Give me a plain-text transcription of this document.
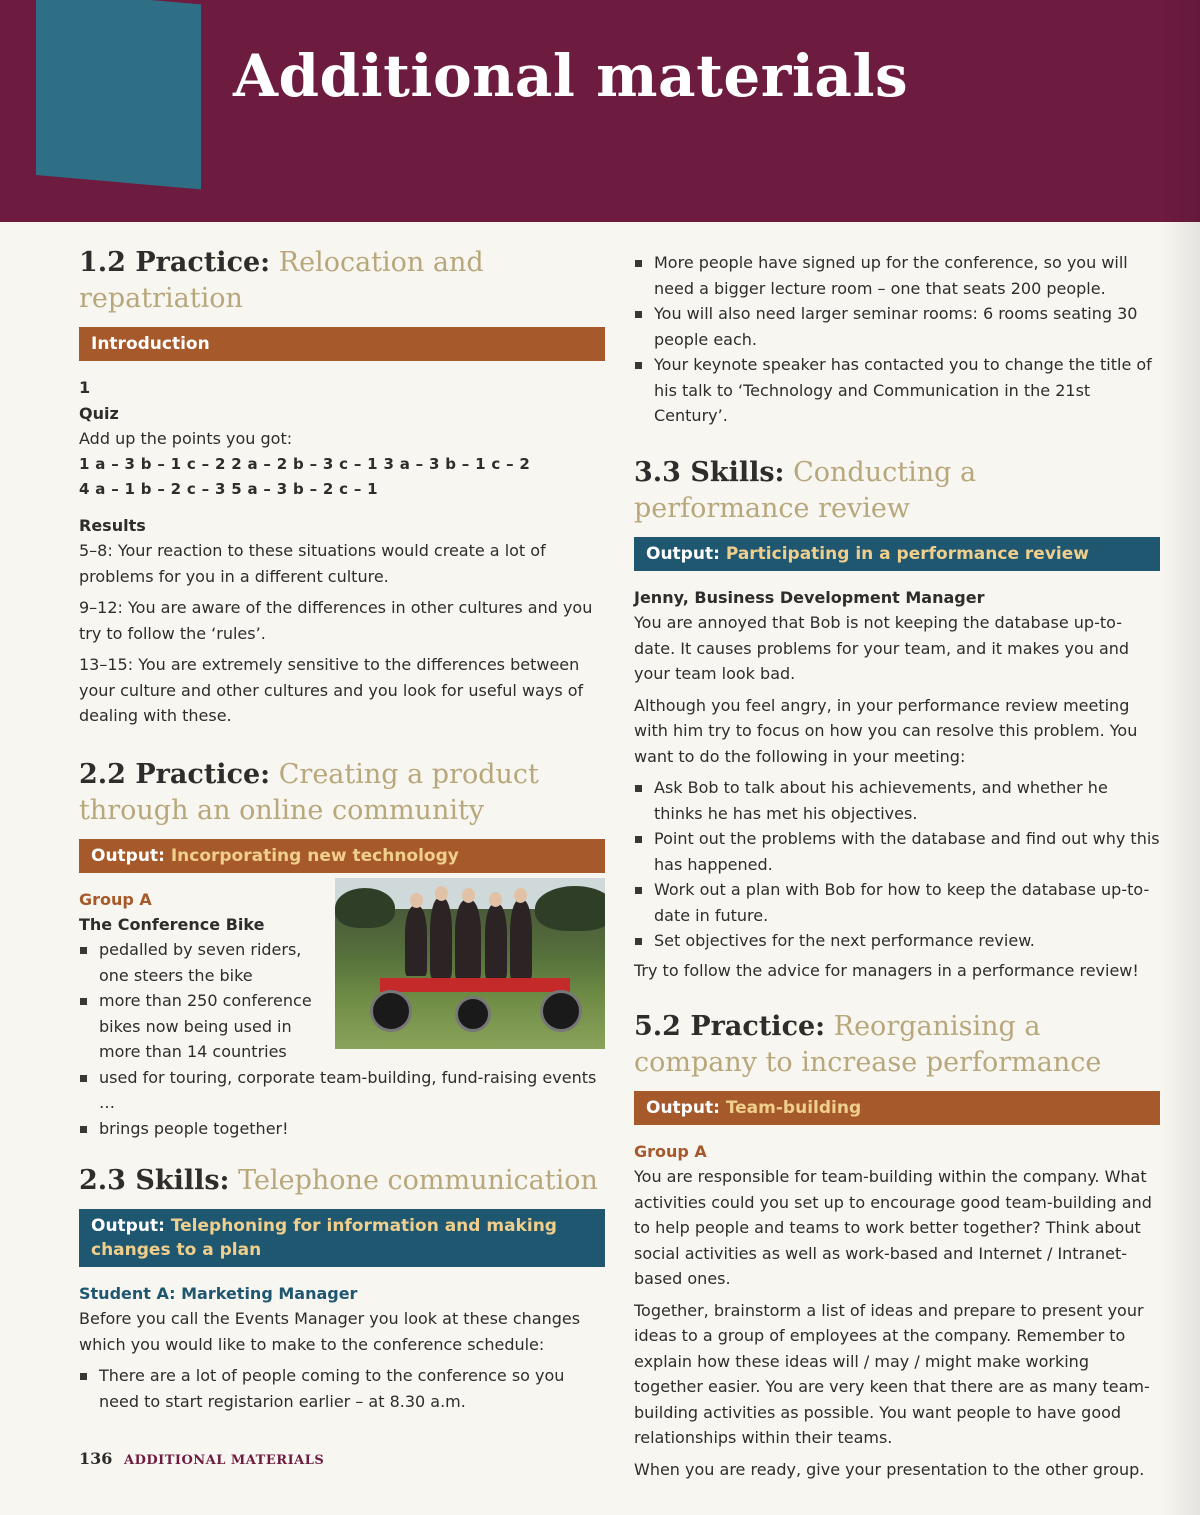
Additional materials
1.2 Practice: Relocation and repatriation
Introduction

1

Quiz

Add up the points you got:

1 a – 3 b – 1 c – 2 2 a – 2 b – 3 c – 1 3 a – 3 b – 1 c – 2
4 a – 1 b – 2 c – 3 5 a – 3 b – 2 c – 1

Results

5–8: Your reaction to these situations would create a lot of problems for you in a different culture.

9–12: You are aware of the differences in other cultures and you try to follow the ‘rules’.

13–15: You are extremely sensitive to the differences between your culture and other cultures and you look for useful ways of dealing with these.

2.2 Practice: Creating a product through an online community
Output: Incorporating new technology

Group A

The Conference Bike

pedalled by seven riders, one steers the bike
more than 250 conference bikes now being used in more than 14 countries
used for touring, corporate team-building, fund-raising events …
brings people together!
2.3 Skills: Telephone communication
Output: Telephoning for information and making changes to a plan

Student A: Marketing Manager

Before you call the Events Manager you look at these changes which you would like to make to the conference schedule:

There are a lot of people coming to the conference so you need to start registarion earlier – at 8.30 a.m.
More people have signed up for the conference, so you will need a bigger lecture room – one that seats 200 people.
You will also need larger seminar rooms: 6 rooms seating 30 people each.
Your keynote speaker has contacted you to change the title of his talk to ‘Technology and Communication in the 21st Century’.
3.3 Skills: Conducting a performance review
Output: Participating in a performance review

Jenny, Business Development Manager

You are annoyed that Bob is not keeping the database up-to-date. It causes problems for your team, and it makes you and your team look bad.

Although you feel angry, in your performance review meeting with him try to focus on how you can resolve this problem. You want to do the following in your meeting:

Ask Bob to talk about his achievements, and whether he thinks he has met his objectives.
Point out the problems with the database and find out why this has happened.
Work out a plan with Bob for how to keep the database up-to-date in future.
Set objectives for the next performance review.

Try to follow the advice for managers in a performance review!

5.2 Practice: Reorganising a company to increase performance
Output: Team-building

Group A

You are responsible for team-building within the company. What activities could you set up to encourage good team-building and to help people and teams to work better together? Think about social activities as well as work-based and Internet / Intranet-based ones.

Together, brainstorm a list of ideas and prepare to present your ideas to a group of employees at the company. Remember to explain how these ideas will / may / might make working together easier. You are very keen that there are as many team-building activities as possible. You want people to have good relationships within their teams.

When you are ready, give your presentation to the other group.

136 ADDITIONAL MATERIALS
